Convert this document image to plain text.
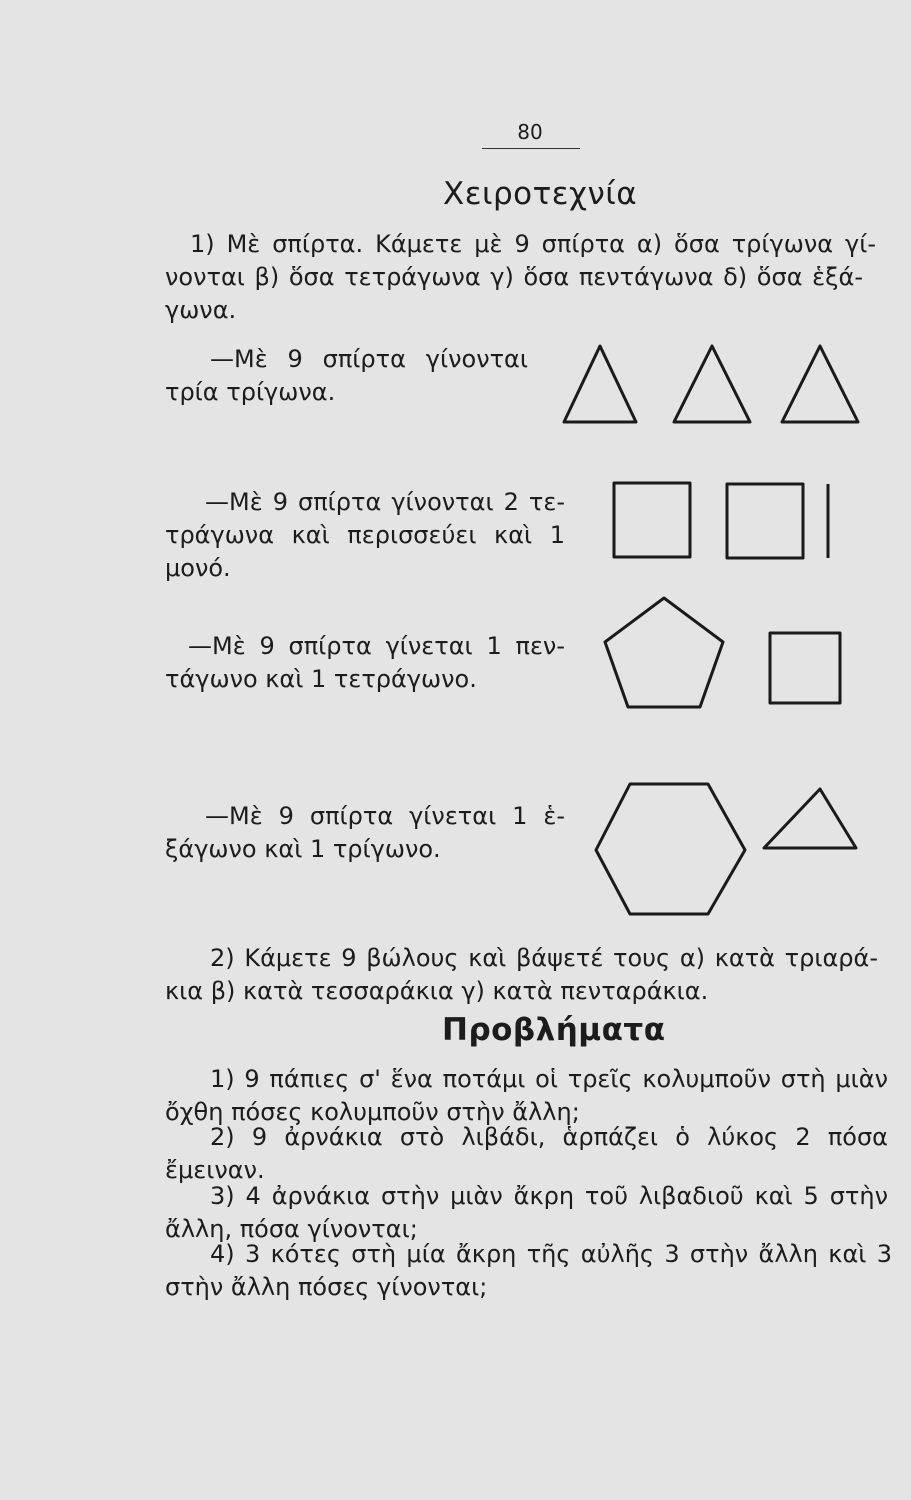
80
Χειροτεχνία
1) Μὲ σπίρτα. Κάμετε μὲ 9 σπίρτα α) ὅσα τρίγωνα γί-
νονται β) ὅσα τετράγωνα γ) ὅσα πεντάγωνα δ) ὅσα ἑξά-
γωνα.
—Μὲ 9 σπίρτα γίνονται
τρία τρίγωνα.
—Μὲ 9 σπίρτα γίνονται 2 τε-
τράγωνα καὶ περισσεύει καὶ 1
μονό.
—Μὲ 9 σπίρτα γίνεται 1 πεν-
τάγωνο καὶ 1 τετράγωνο.
—Μὲ 9 σπίρτα γίνεται 1 ἑ-
ξάγωνο καὶ 1 τρίγωνο.
2) Κάμετε 9 βώλους καὶ βάψετέ τους α) κατὰ τριαρά-
κια β) κατὰ τεσσαράκια γ) κατὰ πενταράκια.
Προβλήματα
1) 9 πάπιες σ' ἕνα ποτάμι οἱ τρεῖς κολυμποῦν στὴ μιὰν
ὄχθη πόσες κολυμποῦν στὴν ἄλλη;
2) 9 ἀρνάκια στὸ λιβάδι, ἁρπάζει ὁ λύκος 2 πόσα
ἔμειναν.
3) 4 ἀρνάκια στὴν μιὰν ἄκρη τοῦ λιβαδιοῦ καὶ 5 στὴν
ἄλλη, πόσα γίνονται;
4) 3 κότες στὴ μία ἄκρη τῆς αὐλῆς 3 στὴν ἄλλη καὶ 3
στὴν ἄλλη πόσες γίνονται;
